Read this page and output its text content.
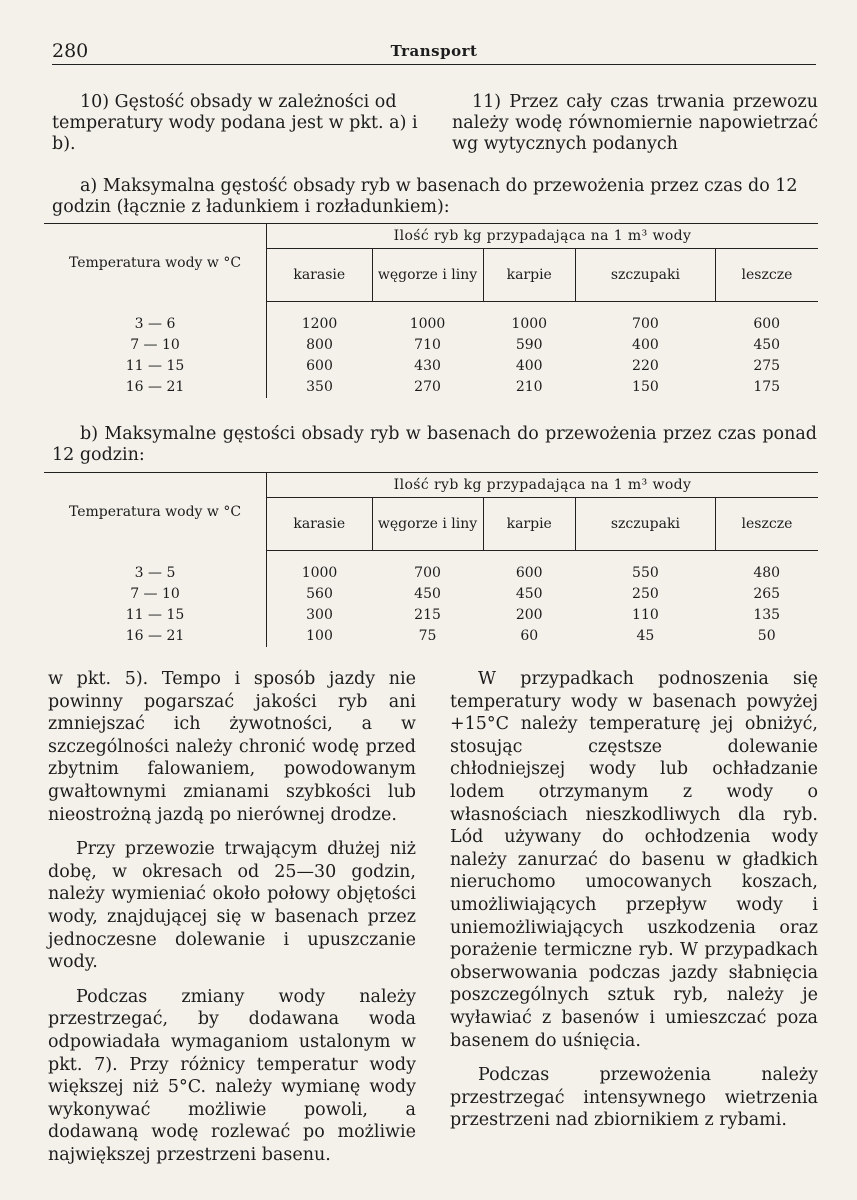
280	Transport

10) Gęstość obsady w zależności od temperatury wody podana jest w pkt. a) i b).

11) Przez cały czas trwania przewozu należy wodę równomiernie napowietrzać wg wytycznych podanych

a) Maksymalna gęstość obsady ryb w basenach do przewożenia przez czas do 12 godzin (łącznie z ładunkiem i rozładunkiem):

Temperatura wody w °C	Ilość ryb kg przypadająca na 1 m³ wody				
	karasie	węgorze i liny	karpie	szczupaki	leszcze

3 — 6	1200	1000	1000	700	600
7 — 10	800	710	590	400	450
11 — 15	600	430	400	220	275
16 — 21	350	270	210	150	175

b) Maksymalne gęstości obsady ryb w basenach do przewożenia przez czas ponad 12 godzin:

Temperatura wody w °C	Ilość ryb kg przypadająca na 1 m³ wody				
	karasie	węgorze i liny	karpie	szczupaki	leszcze

3 — 5	1000	700	600	550	480
7 — 10	560	450	450	250	265
11 — 15	300	215	200	110	135
16 — 21	100	75	60	45	50

w pkt. 5). Tempo i sposób jazdy nie powinny pogarszać jakości ryb ani zmniejszać ich żywotności, a w szczególności należy chronić wodę przed zbytnim falowaniem, powodowanym gwałtownymi zmianami szybkości lub nieostrożną jazdą po nierównej drodze.

Przy przewozie trwającym dłużej niż dobę, w okresach od 25—30 godzin, należy wymieniać około połowy objętości wody, znajdującej się w basenach przez jednoczesne dolewanie i upuszczanie wody.

Podczas zmiany wody należy przestrzegać, by dodawana woda odpowiadała wymaganiom ustalonym w pkt. 7). Przy różnicy temperatur wody większej niż 5°C. należy wymianę wody wykonywać możliwie powoli, a dodawaną wodę rozlewać po możliwie największej przestrzeni basenu.

W przypadkach podnoszenia się temperatury wody w basenach powyżej +15°C należy temperaturę jej obniżyć, stosując częstsze dolewanie chłodniejszej wody lub ochładzanie lodem otrzymanym z wody o własnościach nieszkodliwych dla ryb. Lód używany do ochłodzenia wody należy zanurzać do basenu w gładkich nieruchomo umocowanych koszach, umożliwiających przepływ wody i uniemożliwiających uszkodzenia oraz porażenie termiczne ryb. W przypadkach obserwowania podczas jazdy słabnięcia poszczególnych sztuk ryb, należy je wyławiać z basenów i umieszczać poza basenem do uśnięcia.

Podczas przewożenia należy przestrzegać intensywnego wietrzenia przestrzeni nad zbiornikiem z rybami.
